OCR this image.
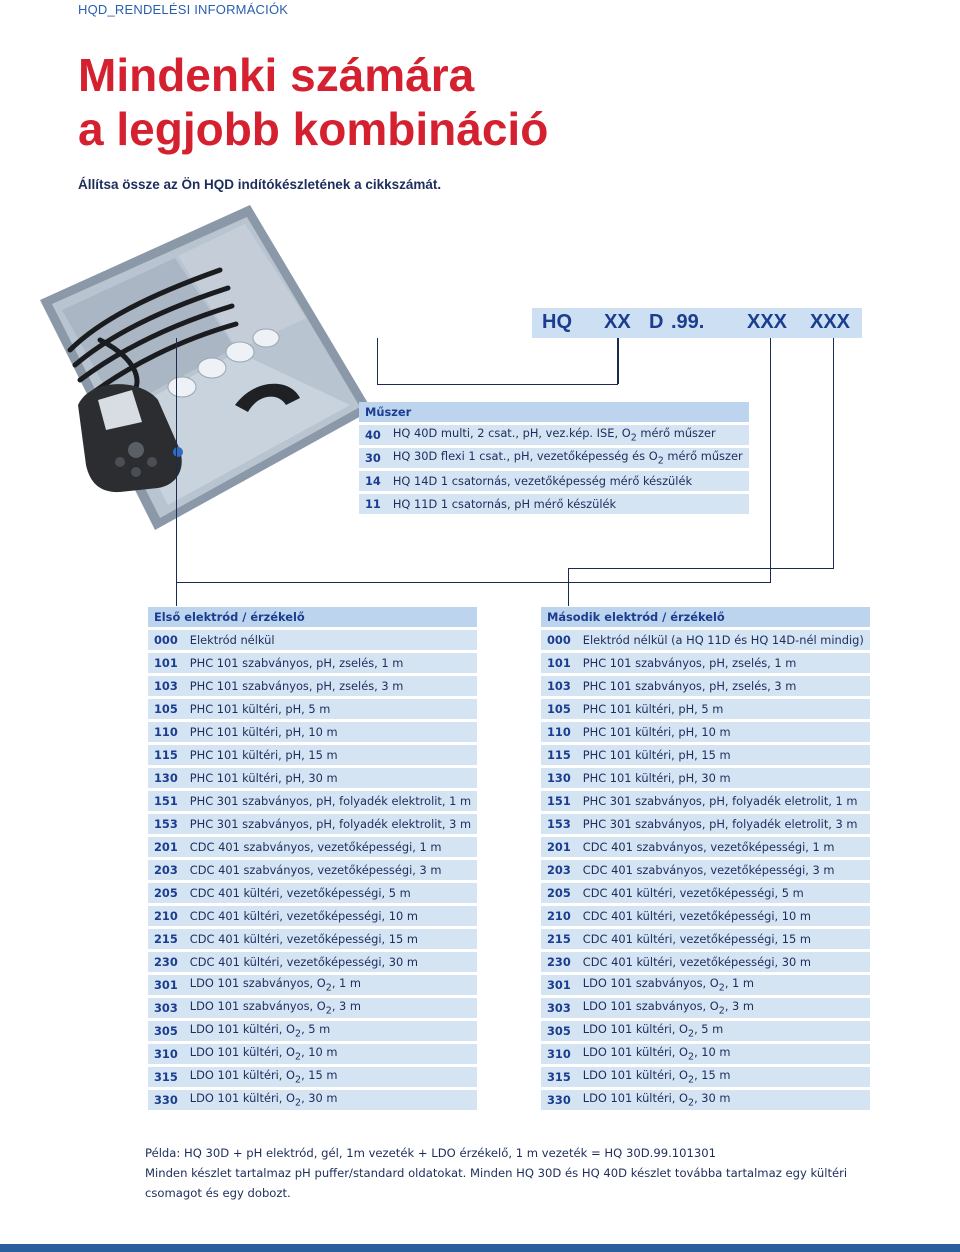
HQD_RENDELÉSI INFORMÁCIÓK
Mindenki számára
a legjobb kombináció
Állítsa össze az Ön HQD indítókészletének a cikkszámát.
HQ XX D .99. XXX XXX
Műszer	
40		HQ 40D multi, 2 csat., pH, vez.kép. ISE, $O_2$ mérő műszer
30		HQ 30D flexi 1 csat., pH, vezetőképesség és $O_2$ mérő műszer
14		HQ 14D 1 csatornás, vezetőképesség mérő készülék
11		HQ 11D 1 csatornás, pH mérő készülék
Első elektród / érzékelő	
000		Elektród nélkül
101		PHC 101 szabványos, pH, zselés, 1 m
103		PHC 101 szabványos, pH, zselés, 3 m
105		PHC 101 kültéri, pH, 5 m
110		PHC 101 kültéri, pH, 10 m
115		PHC 101 kültéri, pH, 15 m
130		PHC 101 kültéri, pH, 30 m
151		PHC 301 szabványos, pH, folyadék elektrolit, 1 m
153		PHC 301 szabványos, pH, folyadék elektrolit, 3 m
201		CDC 401 szabványos, vezetőképességi, 1 m
203		CDC 401 szabványos, vezetőképességi, 3 m
205		CDC 401 kültéri, vezetőképességi, 5 m
210		CDC 401 kültéri, vezetőképességi, 10 m
215		CDC 401 kültéri, vezetőképességi, 15 m
230		CDC 401 kültéri, vezetőképességi, 30 m
301		LDO 101 szabványos, $O_2$, 1 m
303		LDO 101 szabványos, $O_2$, 3 m
305		LDO 101 kültéri, $O_2$, 5 m
310		LDO 101 kültéri, $O_2$, 10 m
315		LDO 101 kültéri, $O_2$, 15 m
330		LDO 101 kültéri, $O_2$, 30 m
Második elektród / érzékelő	
000		Elektród nélkül (a HQ 11D és HQ 14D-nél mindig)
101		PHC 101 szabványos, pH, zselés, 1 m
103		PHC 101 szabványos, pH, zselés, 3 m
105		PHC 101 kültéri, pH, 5 m
110		PHC 101 kültéri, pH, 10 m
115		PHC 101 kültéri, pH, 15 m
130		PHC 101 kültéri, pH, 30 m
151		PHC 301 szabványos, pH, folyadék eletrolit, 1 m
153		PHC 301 szabványos, pH, folyadék eletrolit, 3 m
201		CDC 401 szabványos, vezetőképességi, 1 m
203		CDC 401 szabványos, vezetőképességi, 3 m
205		CDC 401 kültéri, vezetőképességi, 5 m
210		CDC 401 kültéri, vezetőképességi, 10 m
215		CDC 401 kültéri, vezetőképességi, 15 m
230		CDC 401 kültéri, vezetőképességi, 30 m
301		LDO 101 szabványos, $O_2$, 1 m
303		LDO 101 szabványos, $O_2$, 3 m
305		LDO 101 kültéri, $O_2$, 5 m
310		LDO 101 kültéri, $O_2$, 10 m
315		LDO 101 kültéri, $O_2$, 15 m
330		LDO 101 kültéri, $O_2$, 30 m

Példa: HQ 30D + pH elektród, gél, 1m vezeték + LDO érzékelő, 1 m vezeték = HQ 30D.99.101301

Minden készlet tartalmaz pH puffer/standard oldatokat. Minden HQ 30D és HQ 40D készlet továbba tartalmaz egy kültéri csomagot és egy dobozt.
